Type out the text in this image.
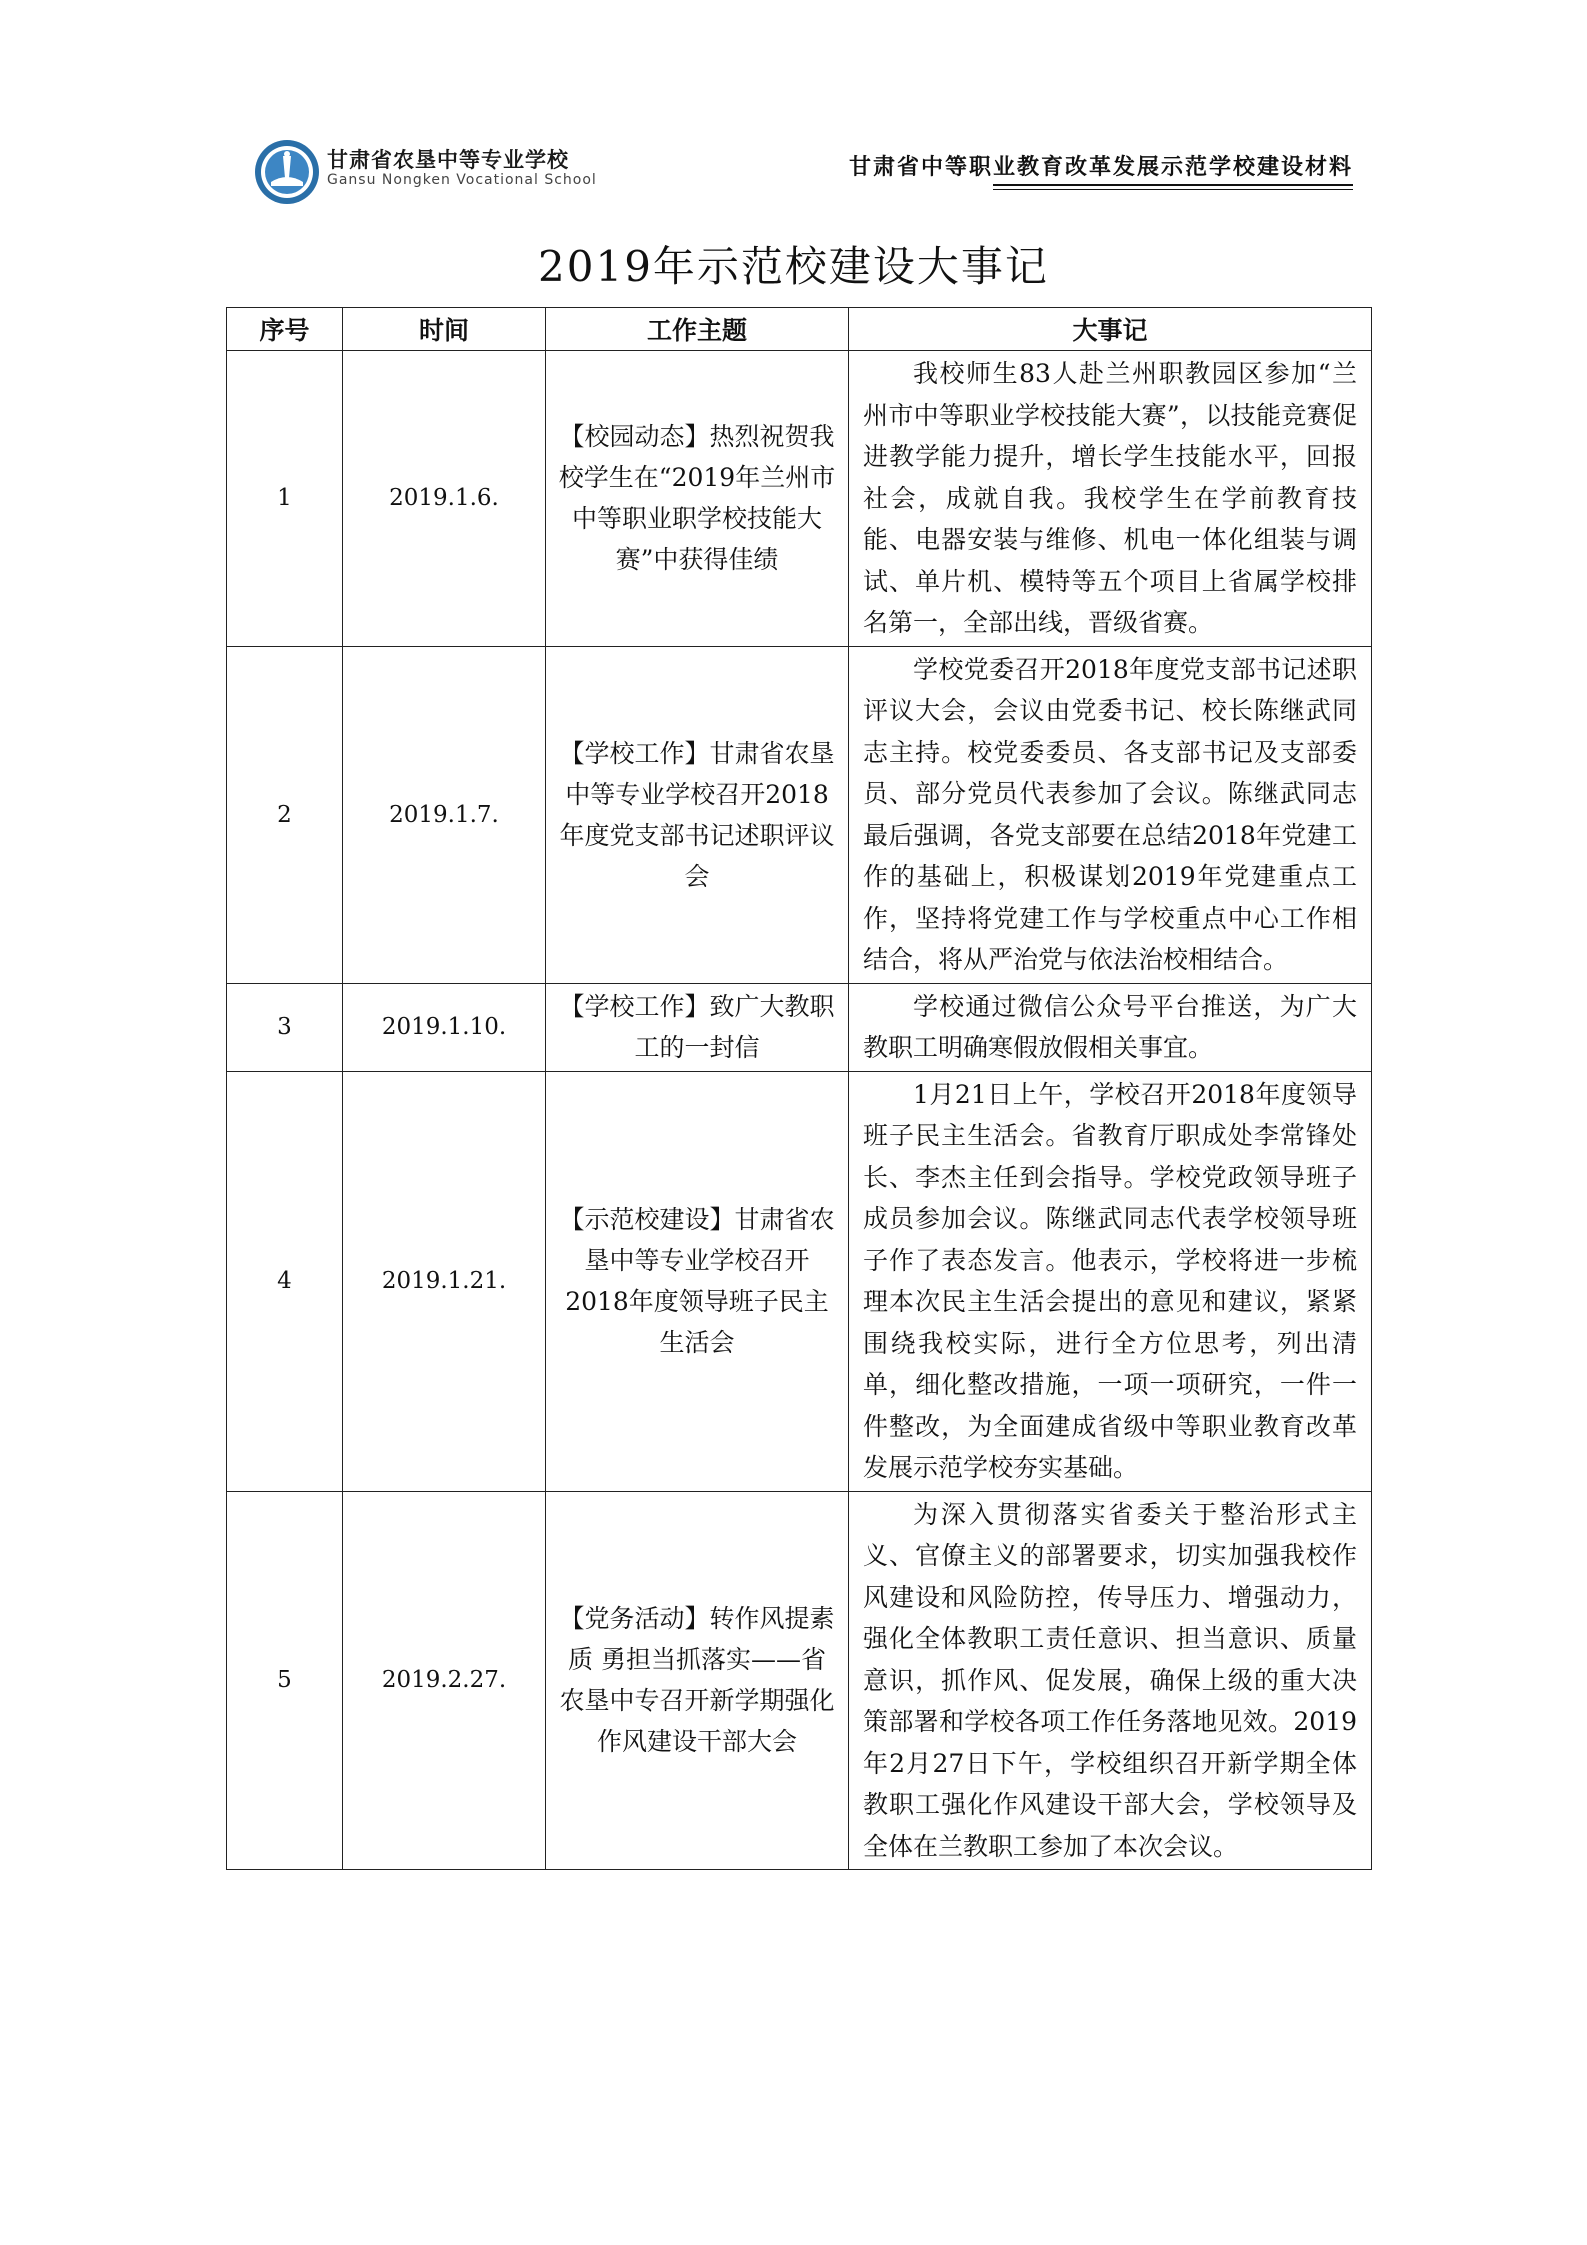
甘肃省农垦中等专业学校
Gansu Nongken Vocational School	甘肃省中等职业教育改革发展示范学校建设材料
2019年示范校建设大事记
序号	时间	工作主题	大事记
1	2019.1.6.	【校园动态】热烈祝贺我校学生在“2019年兰州市中等职业职学校技能大赛”中获得佳绩	我校师生83人赴兰州职教园区参加“兰州市中等职业学校技能大赛”，以技能竞赛促进教学能力提升，增长学生技能水平，回报社会，成就自我。我校学生在学前教育技能、电器安装与维修、机电一体化组装与调试、单片机、模特等五个项目上省属学校排名第一，全部出线，晋级省赛。
2	2019.1.7.	【学校工作】甘肃省农垦中等专业学校召开2018年度党支部书记述职评议会	学校党委召开2018年度党支部书记述职评议大会，会议由党委书记、校长陈继武同志主持。校党委委员、各支部书记及支部委员、部分党员代表参加了会议。陈继武同志最后强调，各党支部要在总结2018年党建工作的基础上，积极谋划2019年党建重点工作，坚持将党建工作与学校重点中心工作相结合，将从严治党与依法治校相结合。
3	2019.1.10.	【学校工作】致广大教职工的一封信	学校通过微信公众号平台推送，为广大教职工明确寒假放假相关事宜。
4	2019.1.21.	【示范校建设】甘肃省农垦中等专业学校召开2018年度领导班子民主生活会	1月21日上午，学校召开2018年度领导班子民主生活会。省教育厅职成处李常锋处长、李杰主任到会指导。学校党政领导班子成员参加会议。陈继武同志代表学校领导班子作了表态发言。他表示，学校将进一步梳理本次民主生活会提出的意见和建议，紧紧围绕我校实际，进行全方位思考，列出清单，细化整改措施，一项一项研究，一件一件整改，为全面建成省级中等职业教育改革发展示范学校夯实基础。
5	2019.2.27.	【党务活动】转作风提素质 勇担当抓落实——省农垦中专召开新学期强化作风建设干部大会	为深入贯彻落实省委关于整治形式主义、官僚主义的部署要求，切实加强我校作风建设和风险防控，传导压力、增强动力，强化全体教职工责任意识、担当意识、质量意识，抓作风、促发展，确保上级的重大决策部署和学校各项工作任务落地见效。2019年2月27日下午，学校组织召开新学期全体教职工强化作风建设干部大会，学校领导及全体在兰教职工参加了本次会议。
